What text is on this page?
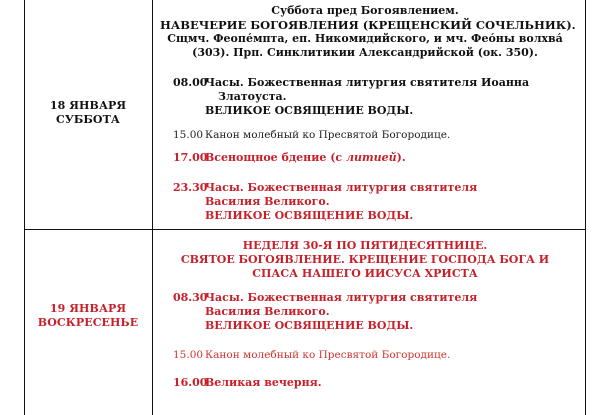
18 ЯНВАРЯ
СУББОТА
Суббота пред Богоявлением.
НАВЕЧЕРИЕ БОГОЯВЛЕНИЯ (КРЕЩЕНСКИЙ СОЧЕЛЬНИК).
Сщмч. Феопе́мпта, еп. Никомидийского, и мч. Фео́ны волхва́
(303). Прп. Синклитикии Александрийской (ок. 350).
08.00
Часы. Божественная литургия святителя Иоанна
Златоуста.
ВЕЛИКОЕ ОСВЯЩЕНИЕ ВОДЫ.
15.00 Канон молебный ко Пресвятой Богородице.
17.00
Всенощное бдение (с литией).
23.30
Часы. Божественная литургия святителя
Василия Великого.
ВЕЛИКОЕ ОСВЯЩЕНИЕ ВОДЫ.
19 ЯНВАРЯ
ВОСКРЕСЕНЬЕ
НЕДЕЛЯ 30-Я ПО ПЯТИДЕСЯТНИЦЕ.
СВЯТОЕ БОГОЯВЛЕНИЕ. КРЕЩЕНИЕ ГОСПОДА БОГА И
СПАСА НАШЕГО ИИСУСА ХРИСТА
08.30
Часы. Божественная литургия святителя
Василия Великого.
ВЕЛИКОЕ ОСВЯЩЕНИЕ ВОДЫ.
15.00 Канон молебный ко Пресвятой Богородице.
16.00
Великая вечерня.
